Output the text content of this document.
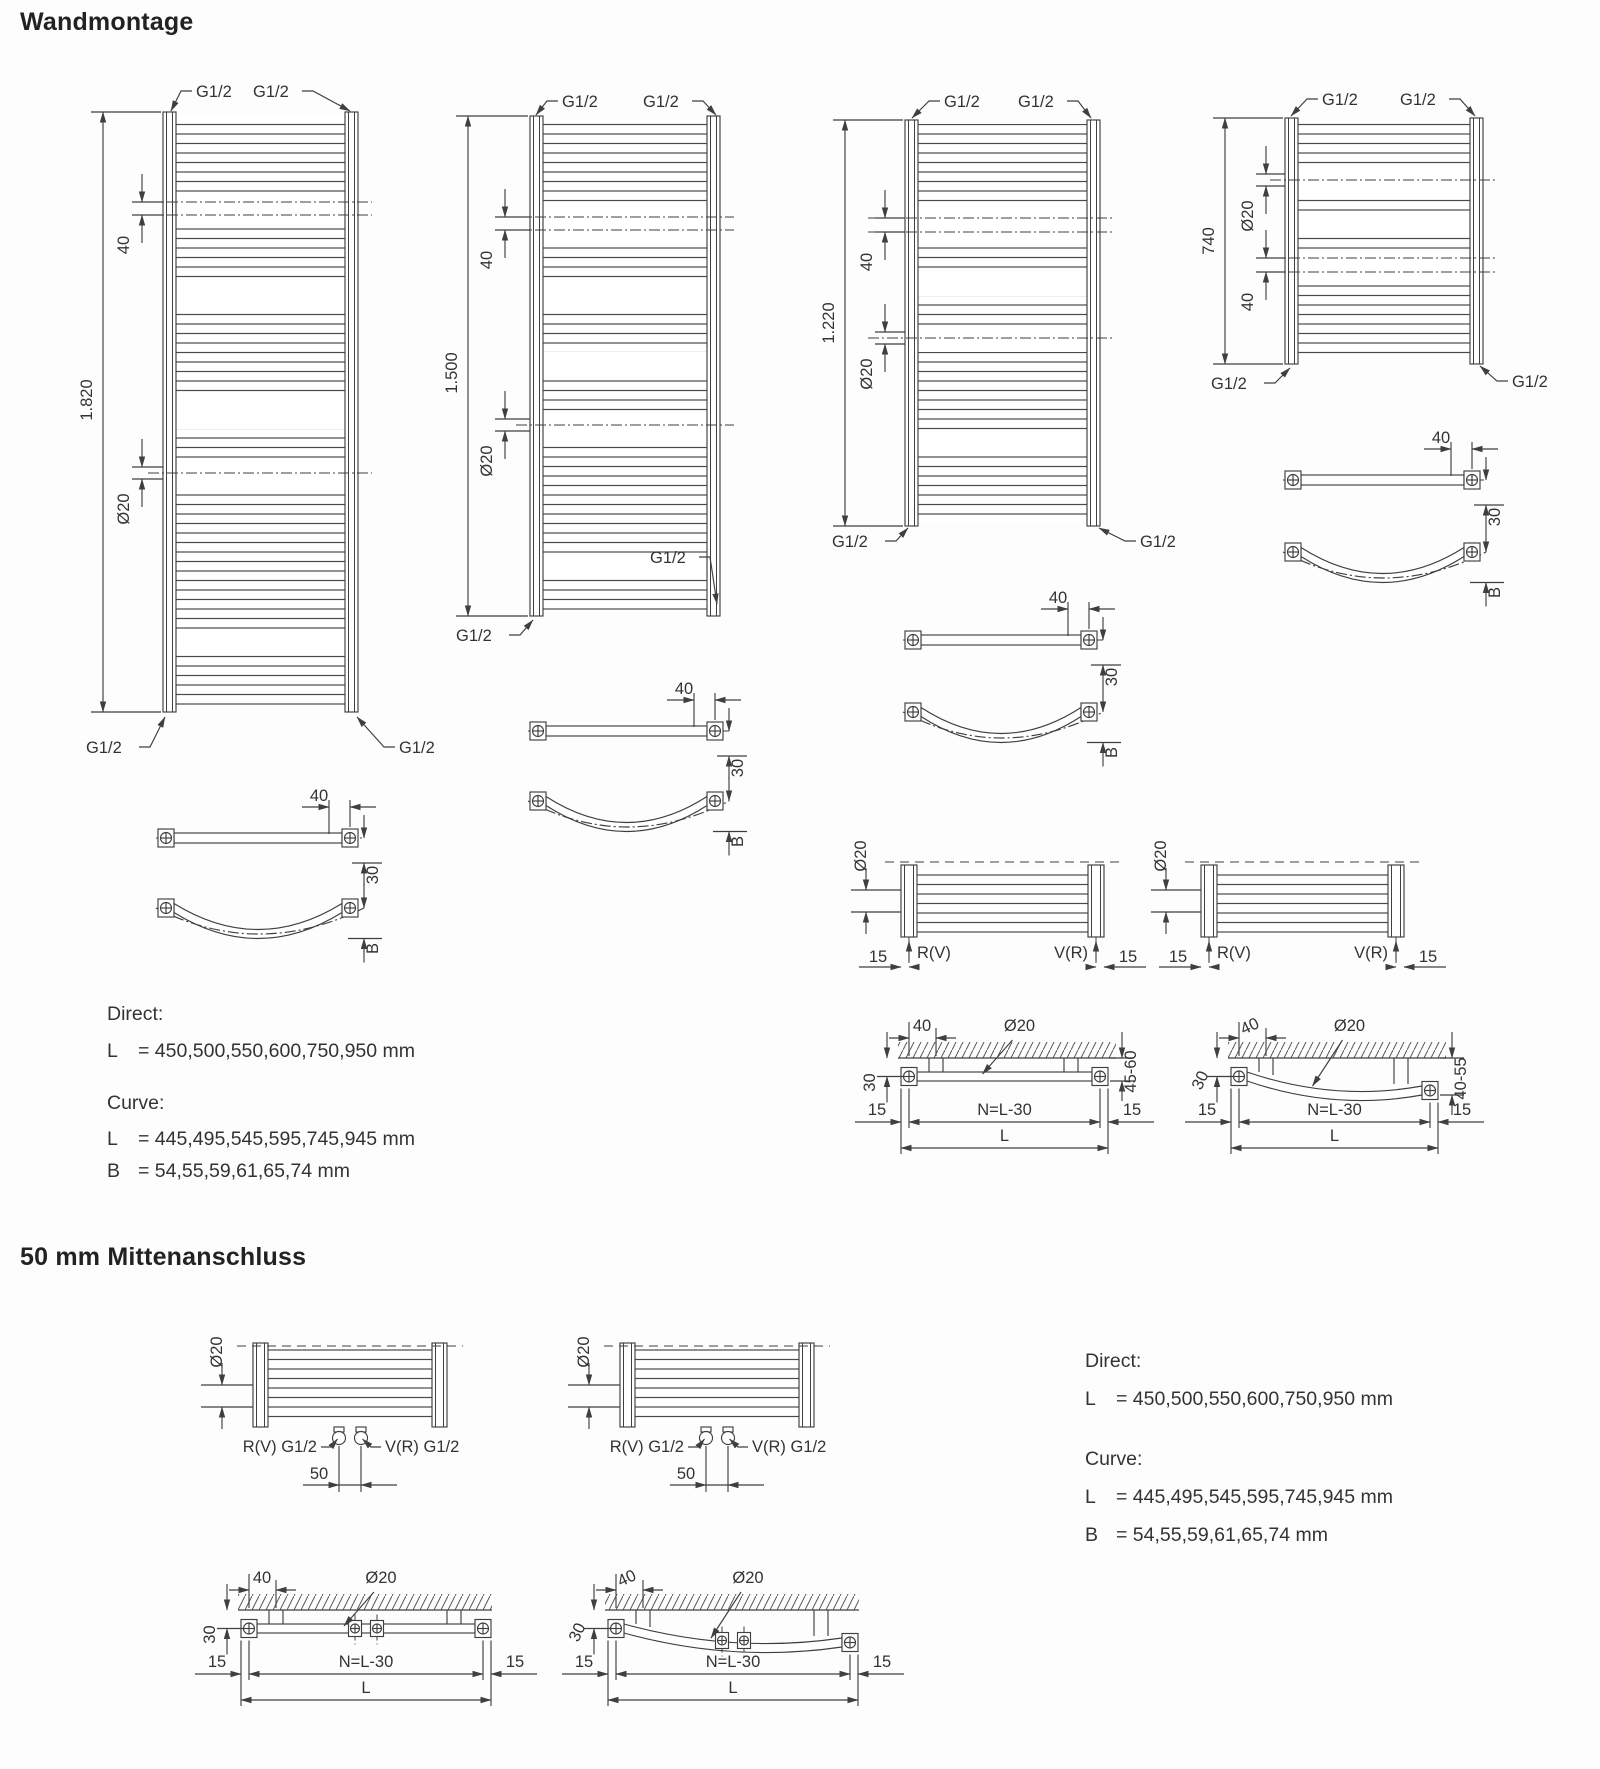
Wandmontage
50 mm Mittenanschluss
1.820
40
Ø20
G1/2 G1/2
G1/2	G1/2
1.500
40
Ø20
G1/2	G1/2
G1/2
G1/2
1.220
40
Ø20
G1/2 G1/2
G1/2	G1/2
740
Ø20
40
G1/2	G1/2
G1/2	G1/2
40
30
B
40
30
B
40
30
B
40
30
B
R(V)	V(R)
15	15
Ø20
R(V)	V(R)
15	15
Ø20
40	Ø20
30	45-60
15	N=L-30	15
L
40	Ø20
30	40-55
15	N=L-30	15
L
R(V) G1/2	V(R) G1/2
50
Ø20
R(V) G1/2	V(R) G1/2
50
Ø20
40	Ø20
30
15	N=L-30	15
L
40	Ø20
30
15	N=L-30	15
L
Direct:
L = 450,500,550,600,750,950 mm
Curve:
L = 445,495,545,595,745,945 mm
B = 54,55,59,61,65,74 mm
Direct:
L = 450,500,550,600,750,950 mm
Curve:
L = 445,495,545,595,745,945 mm
B = 54,55,59,61,65,74 mm
